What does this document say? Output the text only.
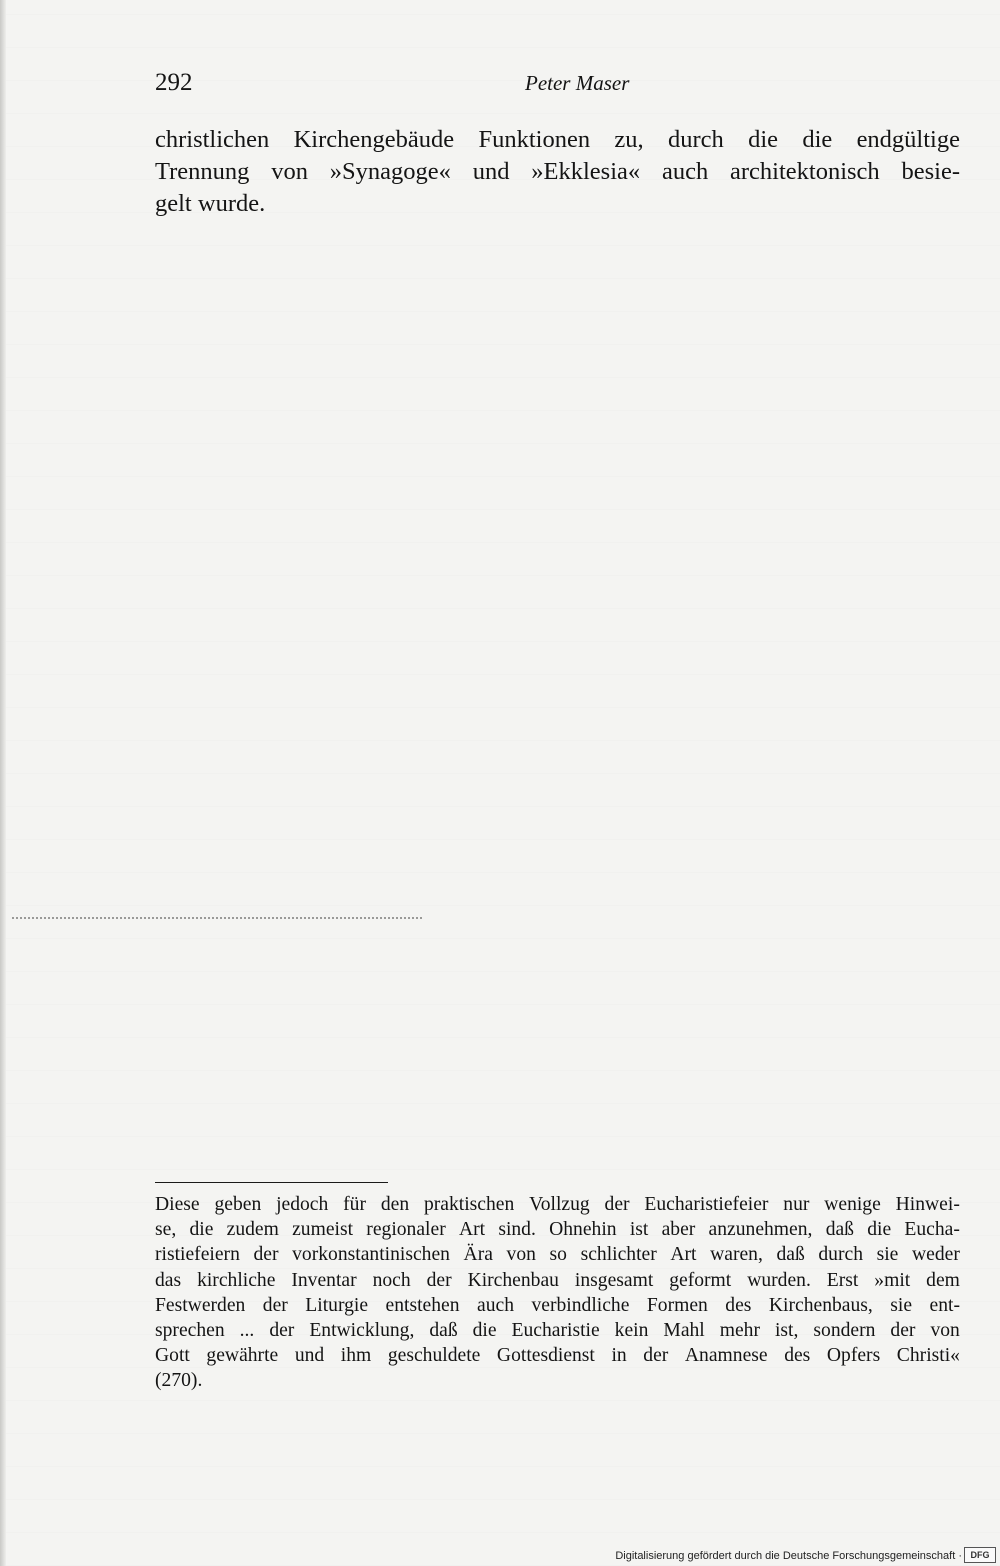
292	Peter Maser
christlichen Kirchengebäude Funktionen zu, durch die die endgültige
Trennung von »Synagoge« und »Ekklesia« auch architektonisch besie-
gelt
wurde.
Diese geben jedoch für den praktischen Vollzug der Eucharistiefeier nur wenige Hinwei-
se, die zudem zumeist regionaler Art sind. Ohnehin ist aber anzunehmen, daß die Eucha-
ristiefeiern der vorkonstantinischen Ära von so schlichter Art waren, daß durch sie weder
das kirchliche Inventar noch der Kirchenbau insgesamt geformt wurden. Erst »mit dem
Festwerden der Liturgie entstehen auch verbindliche Formen des Kirchenbaus, sie ent-
sprechen ... der Entwicklung, daß die Eucharistie kein Mahl mehr ist, sondern der von
Gott gewährte und ihm geschuldete Gottesdienst in der Anamnese des Opfers Christi«
(270).
Digitalisierung gefördert durch die Deutsche Forschungsgemeinschaft · DFG
